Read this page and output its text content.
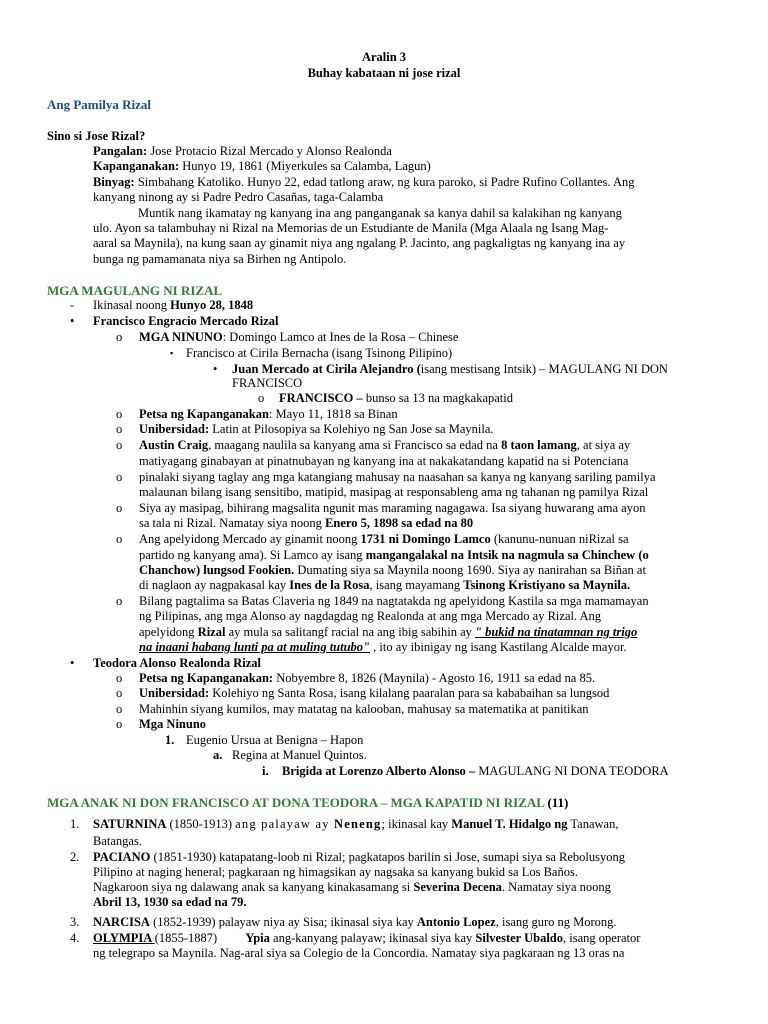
Aralin 3
Buhay kabataan ni jose rizal
Ang Pamilya Rizal
Sino si Jose Rizal?
Pangalan: Jose Protacio Rizal Mercado y Alonso Realonda
Kapanganakan: Hunyo 19, 1861 (Miyerkules sa Calamba, Lagun)
Binyag: Simbahang Katoliko. Hunyo 22, edad tatlong araw, ng kura paroko, si Padre Rufino Collantes. Ang
kanyang ninong ay si Padre Pedro Casañas, taga-Calamba
Muntik nang ikamatay ng kanyang ina ang panganganak sa kanya dahil sa kalakihan ng kanyang
ulo. Ayon sa talambuhay ni Rizal na Memorias de un Estudiante de Manila (Mga Alaala ng Isang Mag-
aaral sa Maynila), na kung saan ay ginamit niya ang ngalang P. Jacinto, ang pagkaligtas ng kanyang ina ay
bunga ng pamamanata niya sa Birhen ng Antipolo.
MGA MAGULANG NI RIZAL
- Ikinasal noong Hunyo 28, 1848
• Francisco Engracio Mercado Rizal
o MGA NINUNO: Domingo Lamco at Ines de la Rosa – Chinese
▪ Francisco at Cirila Bernacha (isang Tsinong Pilipino)
• Juan Mercado at Cirila Alejandro (isang mestisang Intsik) – MAGULANG NI DON
FRANCISCO
o FRANCISCO – bunso sa 13 na magkakapatid
o Petsa ng Kapanganakan: Mayo 11, 1818 sa Binan
o Unibersidad: Latin at Pilosopiya sa Kolehiyo ng San Jose sa Maynila.
o Austin Craig, maagang naulila sa kanyang ama si Francisco sa edad na 8 taon lamang, at siya ay
matiyagang ginabayan at pinatnubayan ng kanyang ina at nakakatandang kapatid na si Potenciana
o pinalaki siyang taglay ang mga katangiang mahusay na naasahan sa kanya ng kanyang sariling pamilya
malaunan bilang isang sensitibo, matipid, masipag at responsableng ama ng tahanan ng pamilya Rizal
o Siya ay masipag, bihirang magsalita ngunit mas maraming nagagawa. Isa siyang huwarang ama ayon
sa tala ni Rizal. Namatay siya noong Enero 5, 1898 sa edad na 80
o Ang apelyidong Mercado ay ginamit noong 1731 ni Domingo Lamco (kanunu-nunuan niRizal sa
partido ng kanyang ama). Si Lamco ay isang mangangalakal na Intsik na nagmula sa Chinchew (o
Chanchow) lungsod Fookien. Dumating siya sa Maynila noong 1690. Siya ay nanirahan sa Biñan at
di naglaon ay nagpakasal kay Ines de la Rosa, isang mayamang Tsinong Kristiyano sa Maynila.
o Bilang pagtalima sa Batas Claveria ng 1849 na nagtatakda ng apelyidong Kastila sa mga mamamayan
ng Pilipinas, ang mga Alonso ay nagdagdag ng Realonda at ang mga Mercado ay Rizal. Ang
apelyidong Rizal ay mula sa salitangf racial na ang ibig sabihin ay " bukid na tinatamnan ng trigo
na inaani habang lunti pa at muling tutubo" , ito ay ibinigay ng isang Kastilang Alcalde mayor.
• Teodora Alonso Realonda Rizal
o Petsa ng Kapanganakan: Nobyembre 8, 1826 (Maynila) - Agosto 16, 1911 sa edad na 85.
o Unibersidad: Kolehiyo ng Santa Rosa, isang kilalang paaralan para sa kababaihan sa lungsod
o Mahinhin siyang kumilos, may matatag na kalooban, mahusay sa matematika at panitikan
o Mga Ninuno
1. Eugenio Ursua at Benigna – Hapon
a. Regina at Manuel Quintos.
i. Brigida at Lorenzo Alberto Alonso – MAGULANG NI DONA TEODORA
MGA ANAK NI DON FRANCISCO AT DONA TEODORA – MGA KAPATID NI RIZAL (11)
1. SATURNINA (1850-1913) ang palayaw ay Neneng; ikinasal kay Manuel T. Hidalgo ng Tanawan,
Batangas.
2. PACIANO (1851-1930) katapatang-loob ni Rizal; pagkatapos barilin si Jose, sumapi siya sa Rebolusyong
Pilipino at naging heneral; pagkaraan ng himagsikan ay nagsaka sa kanyang bukid sa Los Baños.
Nagkaroon siya ng dalawang anak sa kanyang kinakasamang si Severina Decena. Namatay siya noong
Abril 13, 1930 sa edad na 79.
3. NARCISA (1852-1939) palayaw niya ay Sisa; ikinasal siya kay Antonio Lopez, isang guro ng Morong.
4. OLYMPIA (1855-1887)         Ypia ang-kanyang palayaw; ikinasal siya kay Silvester Ubaldo, isang operator
ng telegrapo sa Maynila. Nag-aral siya sa Colegio de la Concordia. Namatay siya pagkaraan ng 13 oras na
